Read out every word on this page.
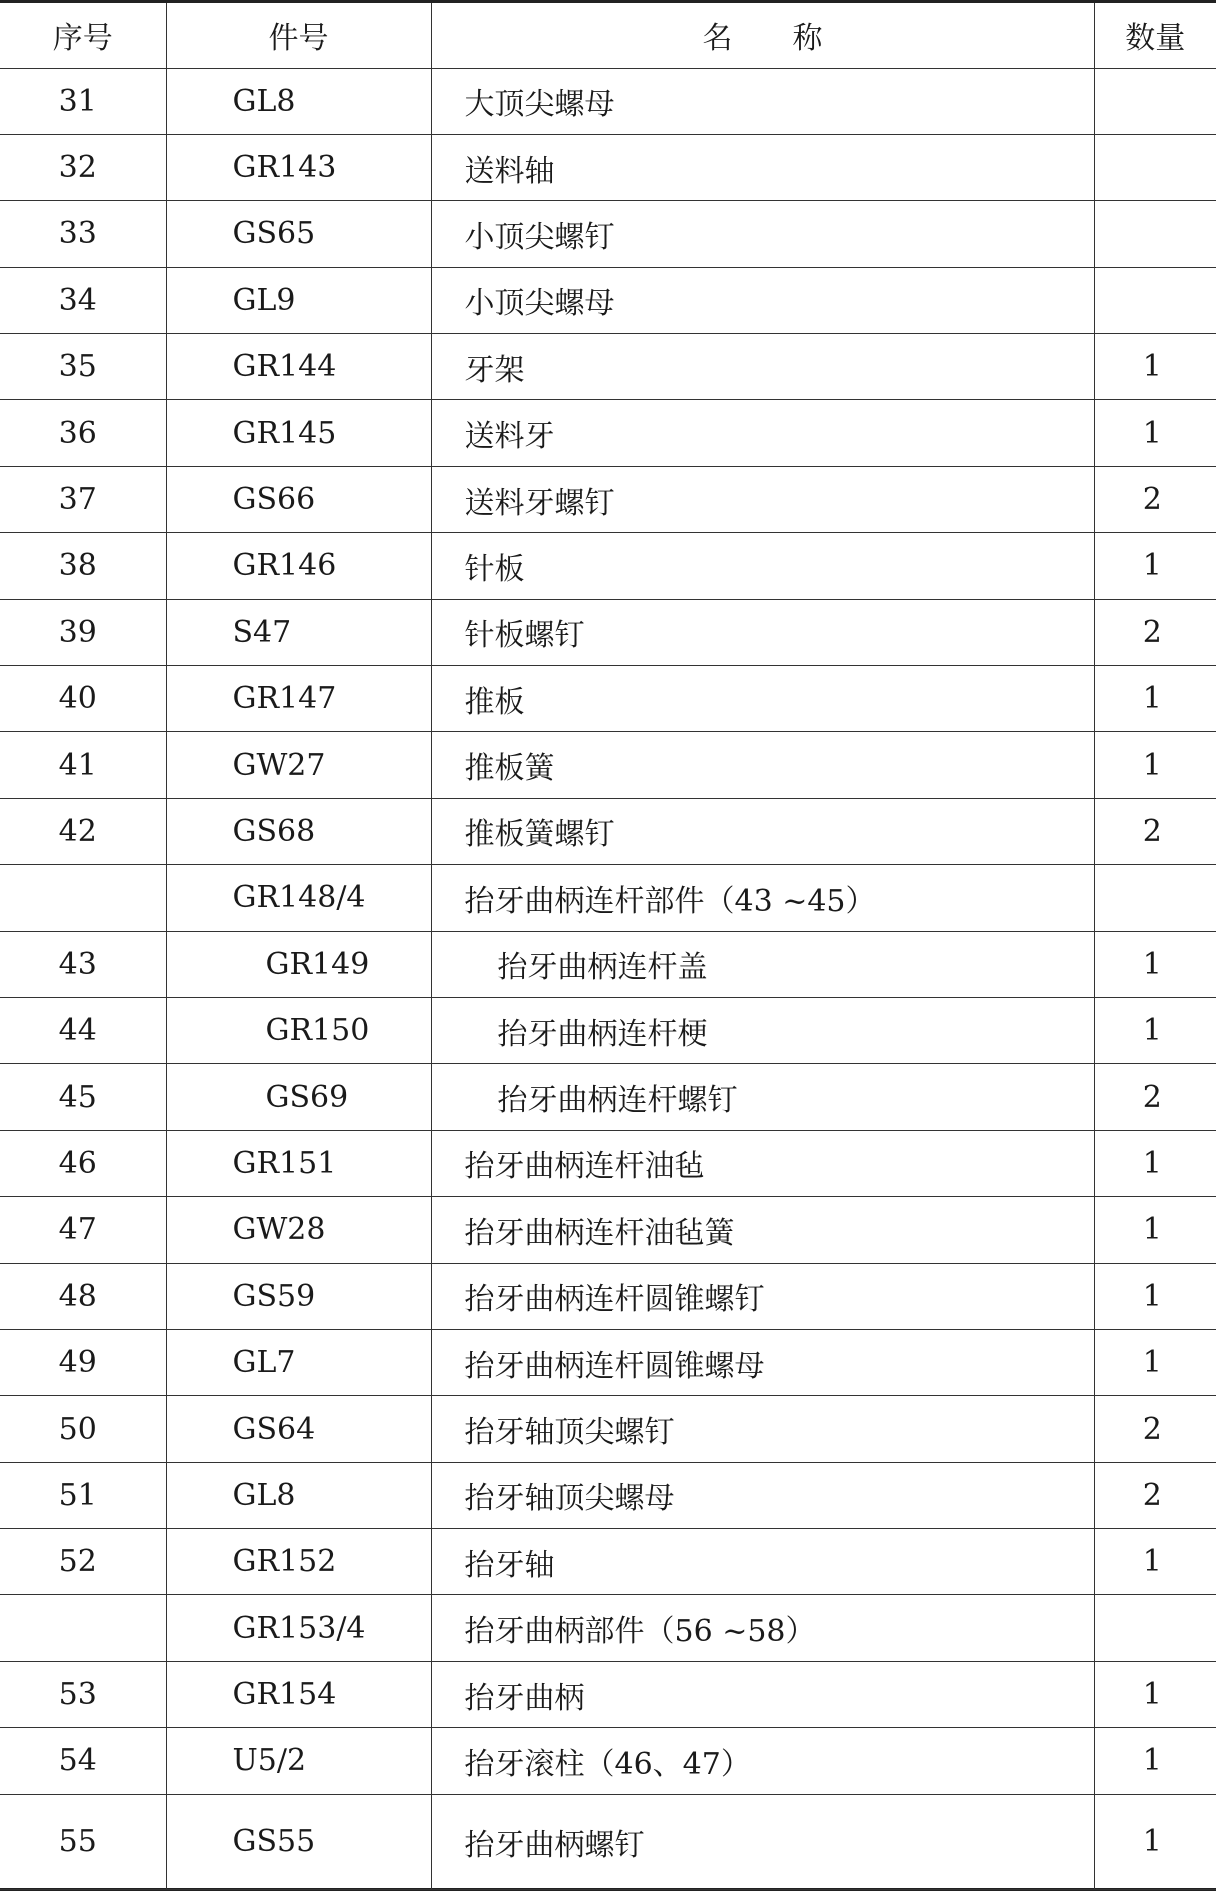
序号	件号	名 称	数量
31	GL8	大顶尖螺母	
32	GR143	送料轴	
33	GS65	小顶尖螺钉	
34	GL9	小顶尖螺母	
35	GR144	牙架	1
36	GR145	送料牙	1
37	GS66	送料牙螺钉	2
38	GR146	针板	1
39	S47	针板螺钉	2
40	GR147	推板	1
41	GW27	推板簧	1
42	GS68	推板簧螺钉	2
	GR148/4	抬牙曲柄连杆部件（43 ~45）	
43	GR149	抬牙曲柄连杆盖	1
44	GR150	抬牙曲柄连杆梗	1
45	GS69	抬牙曲柄连杆螺钉	2
46	GR151	抬牙曲柄连杆油毡	1
47	GW28	抬牙曲柄连杆油毡簧	1
48	GS59	抬牙曲柄连杆圆锥螺钉	1
49	GL7	抬牙曲柄连杆圆锥螺母	1
50	GS64	抬牙轴顶尖螺钉	2
51	GL8	抬牙轴顶尖螺母	2
52	GR152	抬牙轴	1
	GR153/4	抬牙曲柄部件（56 ~58）	
53	GR154	抬牙曲柄	1
54	U5/2	抬牙滚柱（46、47）	1
55	GS55	抬牙曲柄螺钉	1
